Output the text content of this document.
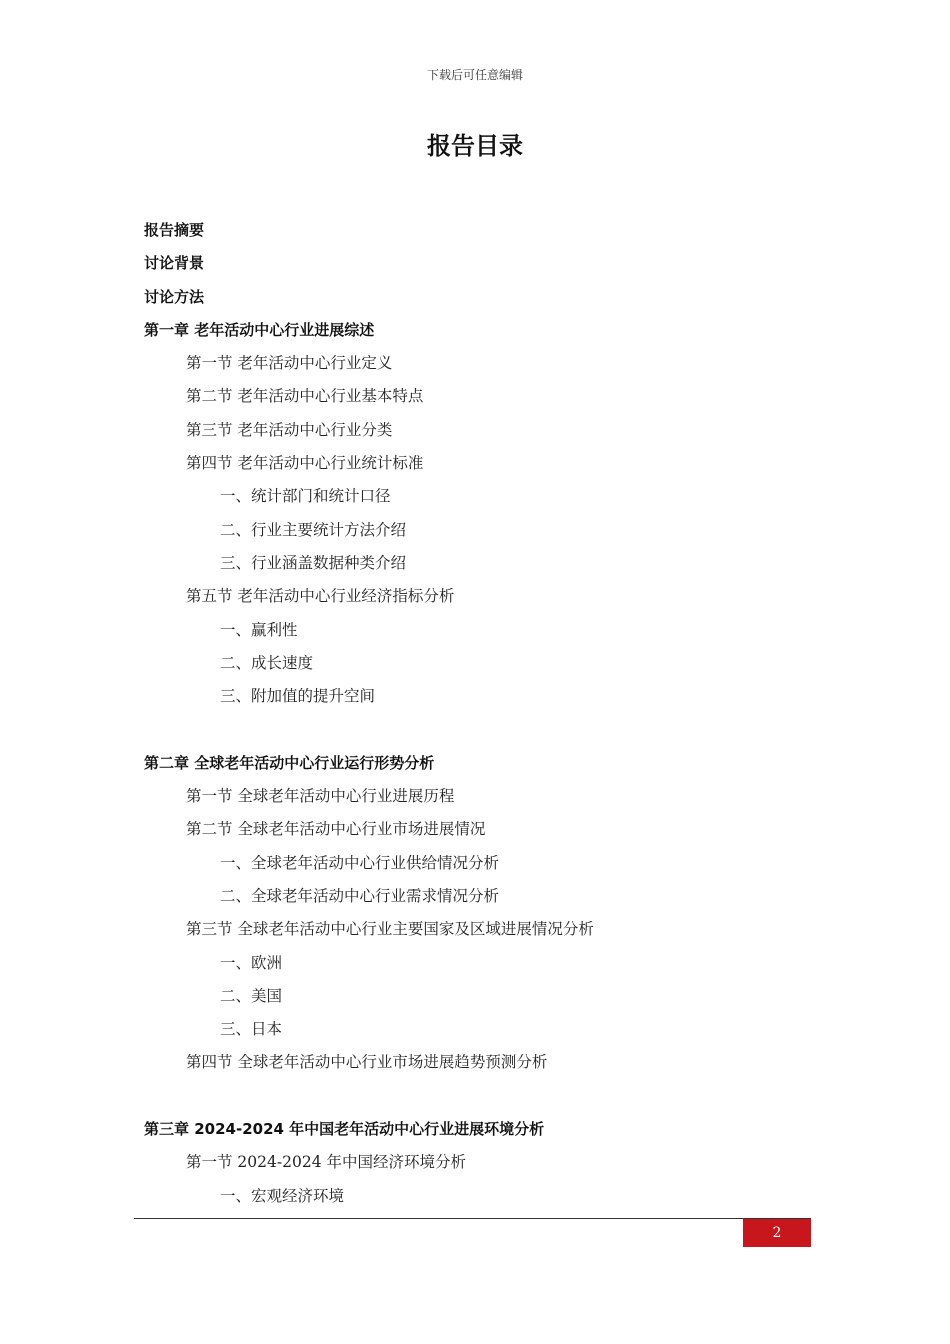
下载后可任意编辑
报告目录
报告摘要
讨论背景
讨论方法
第一章 老年活动中心行业进展综述
第一节 老年活动中心行业定义
第二节 老年活动中心行业基本特点
第三节 老年活动中心行业分类
第四节 老年活动中心行业统计标准
一、统计部门和统计口径
二、行业主要统计方法介绍
三、行业涵盖数据种类介绍
第五节 老年活动中心行业经济指标分析
一、赢利性
二、成长速度
三、附加值的提升空间
第二章 全球老年活动中心行业运行形势分析
第一节 全球老年活动中心行业进展历程
第二节 全球老年活动中心行业市场进展情况
一、全球老年活动中心行业供给情况分析
二、全球老年活动中心行业需求情况分析
第三节 全球老年活动中心行业主要国家及区域进展情况分析
一、欧洲
二、美国
三、日本
第四节 全球老年活动中心行业市场进展趋势预测分析
第三章 2024-2024 年中国老年活动中心行业进展环境分析
第一节 2024-2024 年中国经济环境分析
一、宏观经济环境
2
